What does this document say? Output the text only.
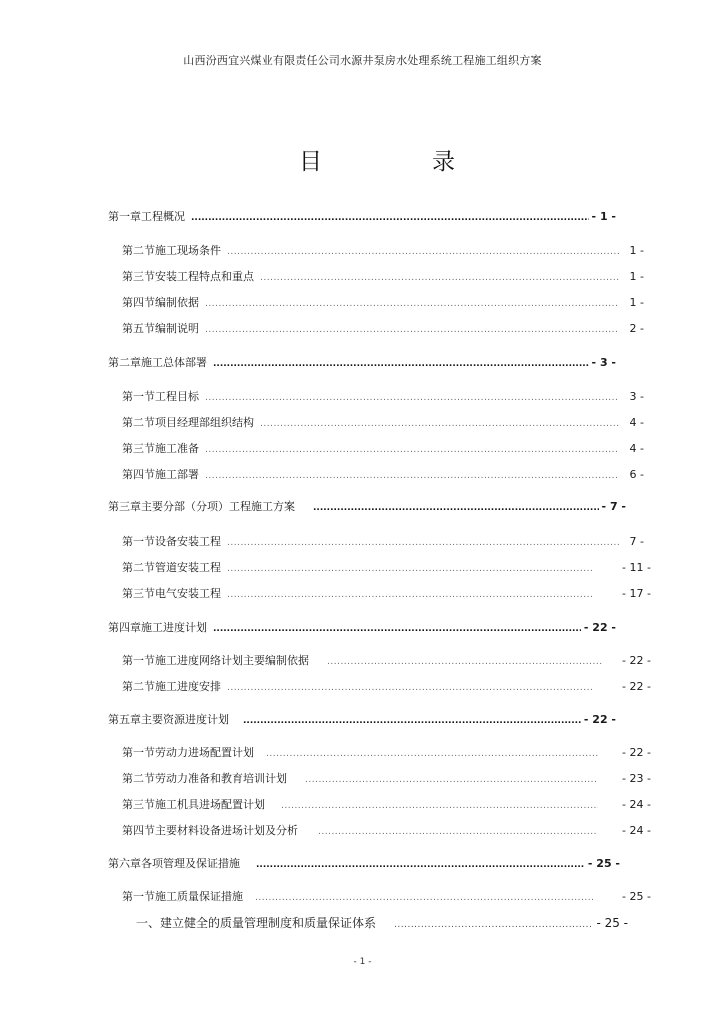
山西汾西宜兴煤业有限责任公司水源井泵房水处理系统工程施工组织方案
目	录
第一章 工程概况 .....	- 1 -
第二节 施工现场条件 .....	1 -
第三节 安装工程特点和重点 .....	1 -
第四节 编制依据 .....	1 -
第五节 编制说明 .....	2 -
第二章 施工总体部署 .....	- 3 -
第一节 工程目标 .....	3 -
第二节 项目经理部组织结构 .....	4 -
第三节 施工准备 .....	4 -
第四节 施工部署 .....	6 -
第三章 主要分部（分项）工程施工方案 .....	- 7 -
第一节 设备安装工程 .....	7 -
第二节 管道安装工程 .....	- 11 -
第三节 电气安装工程 .....	- 17 -
第四章 施工进度计划 .....	- 22 -
第一节 施工进度网络计划主要编制依据 .....	- 22 -
第二节 施工进度安排 .....	- 22 -
第五章 主要资源进度计划 .....	- 22 -
第一节 劳动力进场配置计划 .....	- 22 -
第二节 劳动力准备和教育培训计划 .....	- 23 -
第三节 施工机具进场配置计划 .....	- 24 -
第四节 主要材料设备进场计划及分析 .....	- 24 -
第六章 各项管理及保证措施 .....	- 25 -
第一节 施工质量保证措施 .....	- 25 -
一、建立健全的质量管理制度和质量保证体系 .....	- 25 -
- 1 -
